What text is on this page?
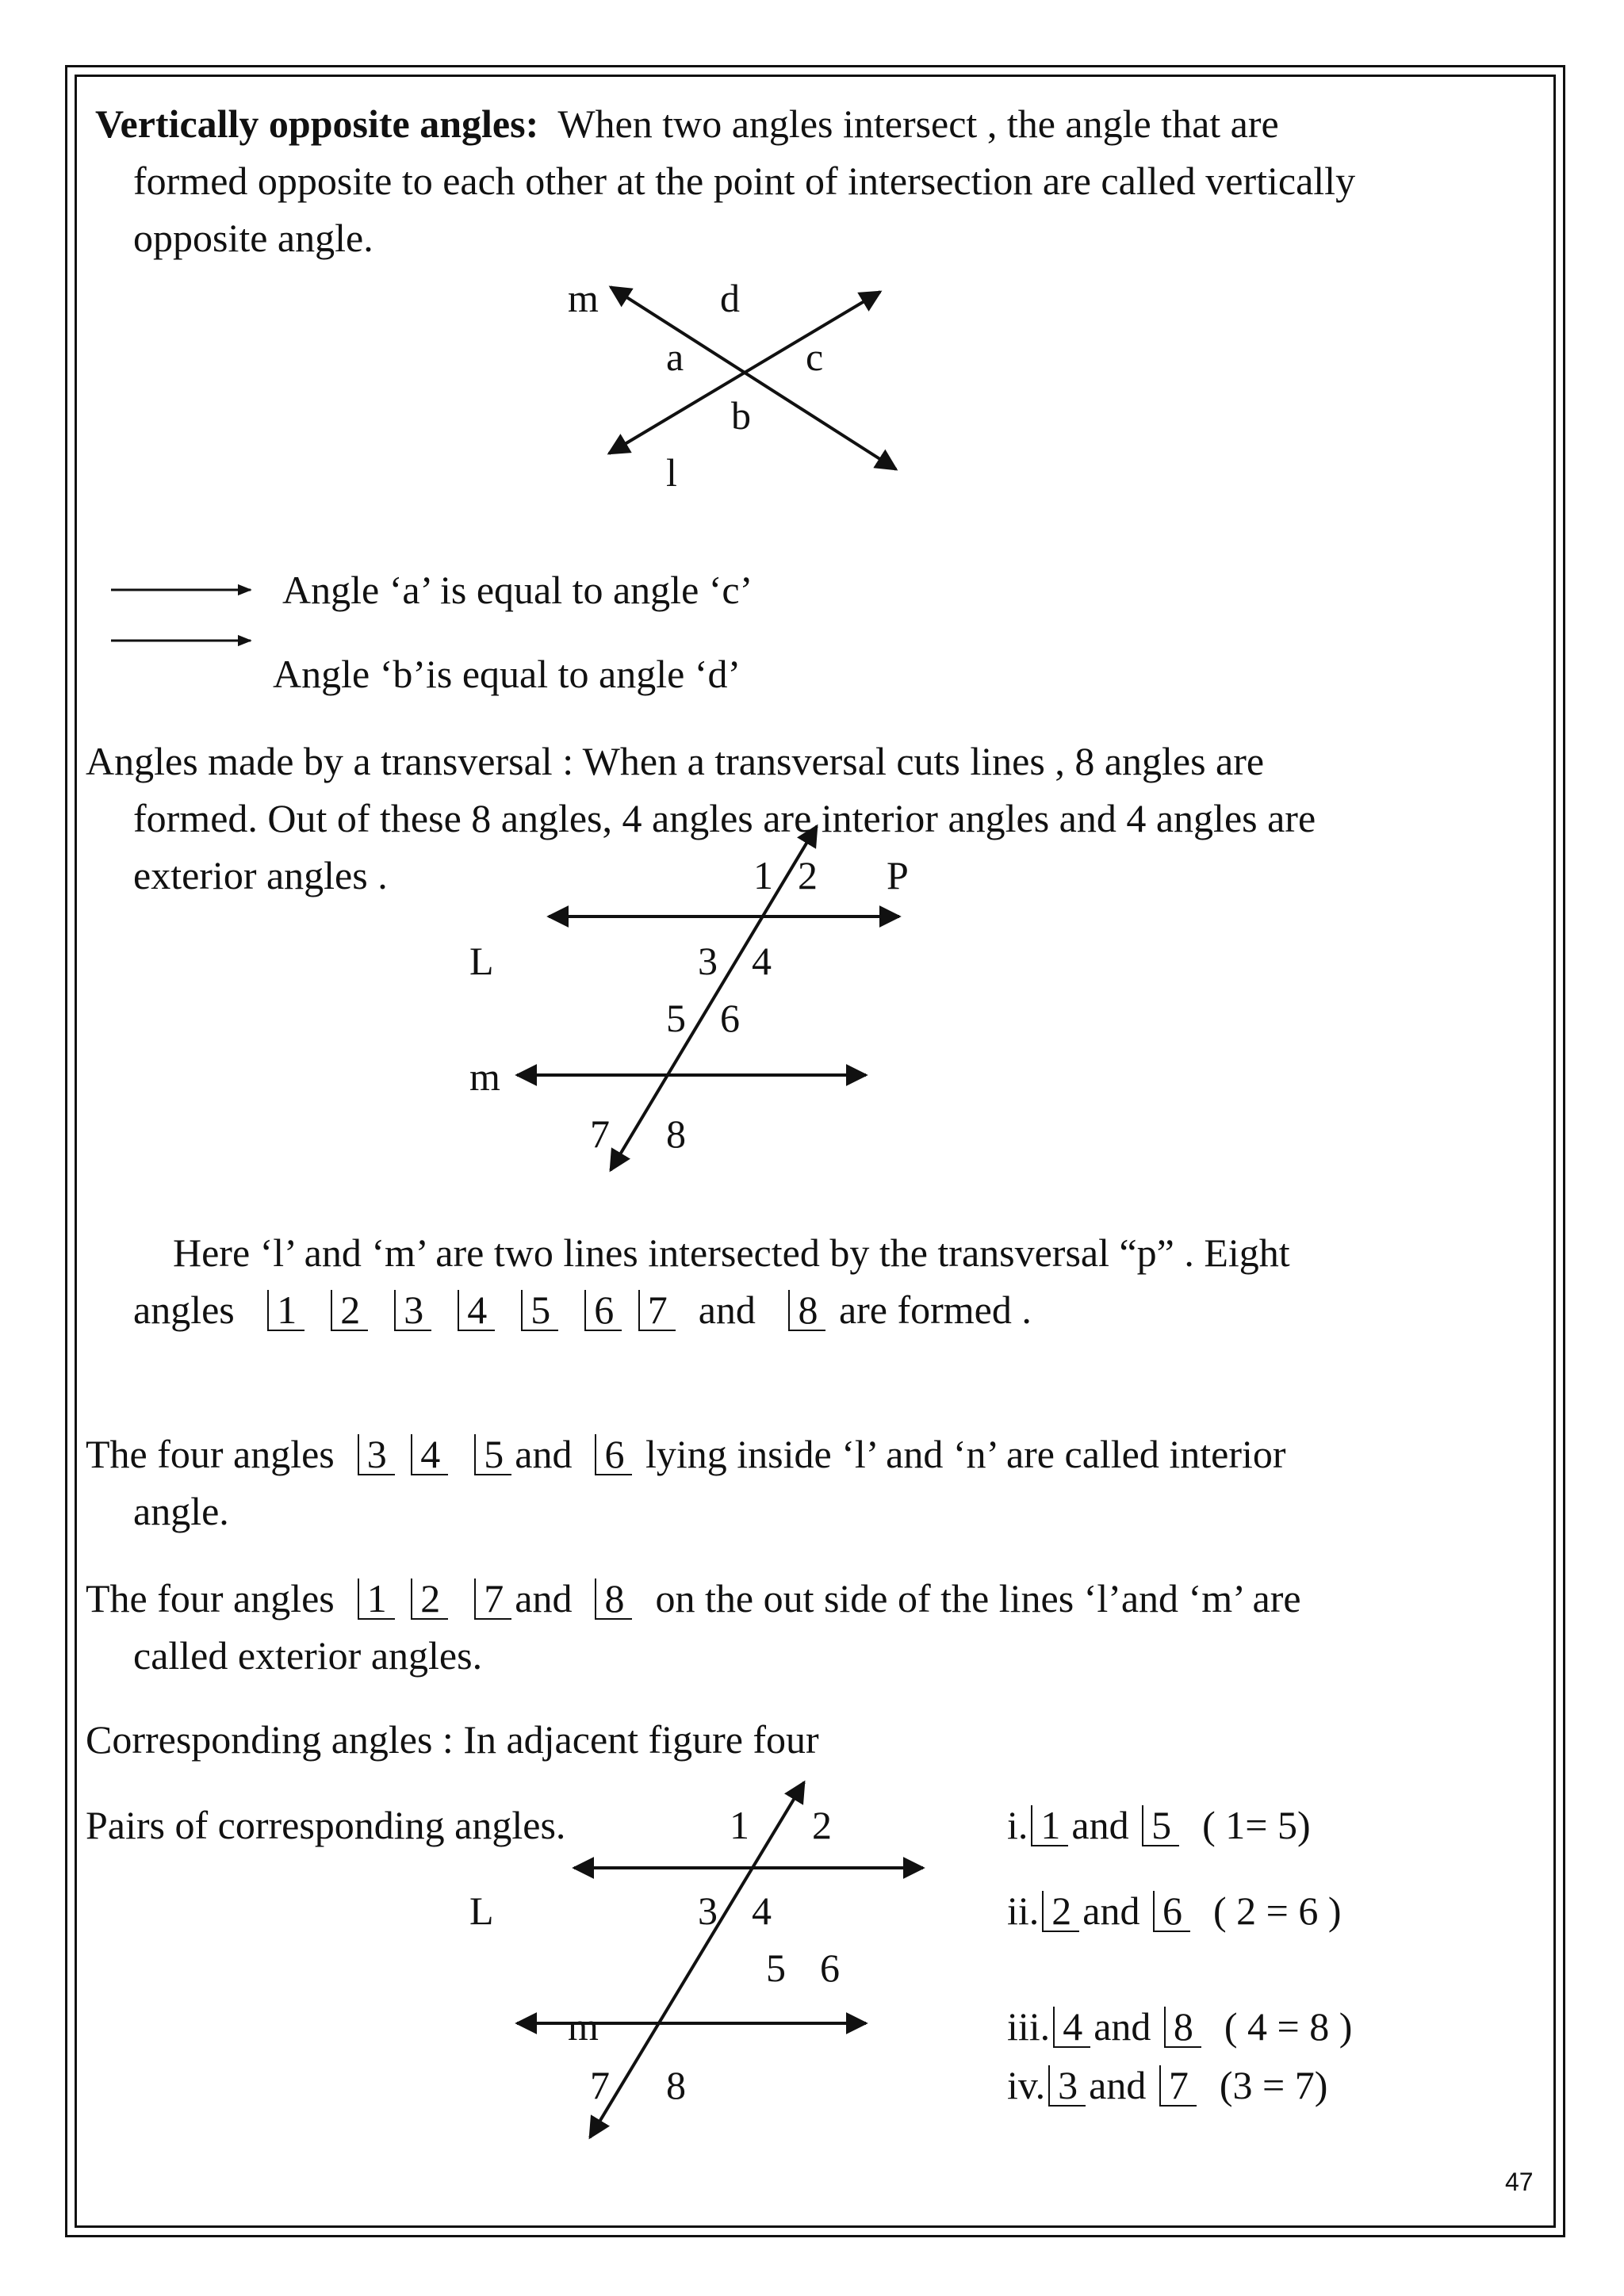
Vertically opposite angles: When two angles intersect , the angle that are
formed opposite to each other at the point of intersection are called vertically
opposite angle.
m	d
a	c
b
l
Angle ‘a’ is equal to angle ‘c’
Angle ‘b’is equal to angle ‘d’
Angles made by a transversal : When a transversal cuts lines , 8 angles are
formed. Out of these 8 angles, 4 angles are interior angles and 4 angles are
exterior angles .	1 2 P
L	3 4
5 6
m
7 8
Here ‘l’ and ‘m’ are two lines intersected by the transversal “p” . Eight
angles 1 2 3 4 5 6 7 and 8 are formed .
The four angles 3 4 5 and 6 lying inside ‘l’ and ‘n’ are called interior
angle.
The four angles 1 2 7 and 8 on the out side of the lines ‘l’and ‘m’ are
called exterior angles.
Corresponding angles : In adjacent figure four
Pairs of corresponding angles.	1 2
L	3 4
5 6
m
7 8
i. 1 and 5 ( 1= 5)
ii. 2 and 6 ( 2 = 6 )
iii. 4 and 8 ( 4 = 8 )
iv. 3 and 7 (3 = 7)
47
